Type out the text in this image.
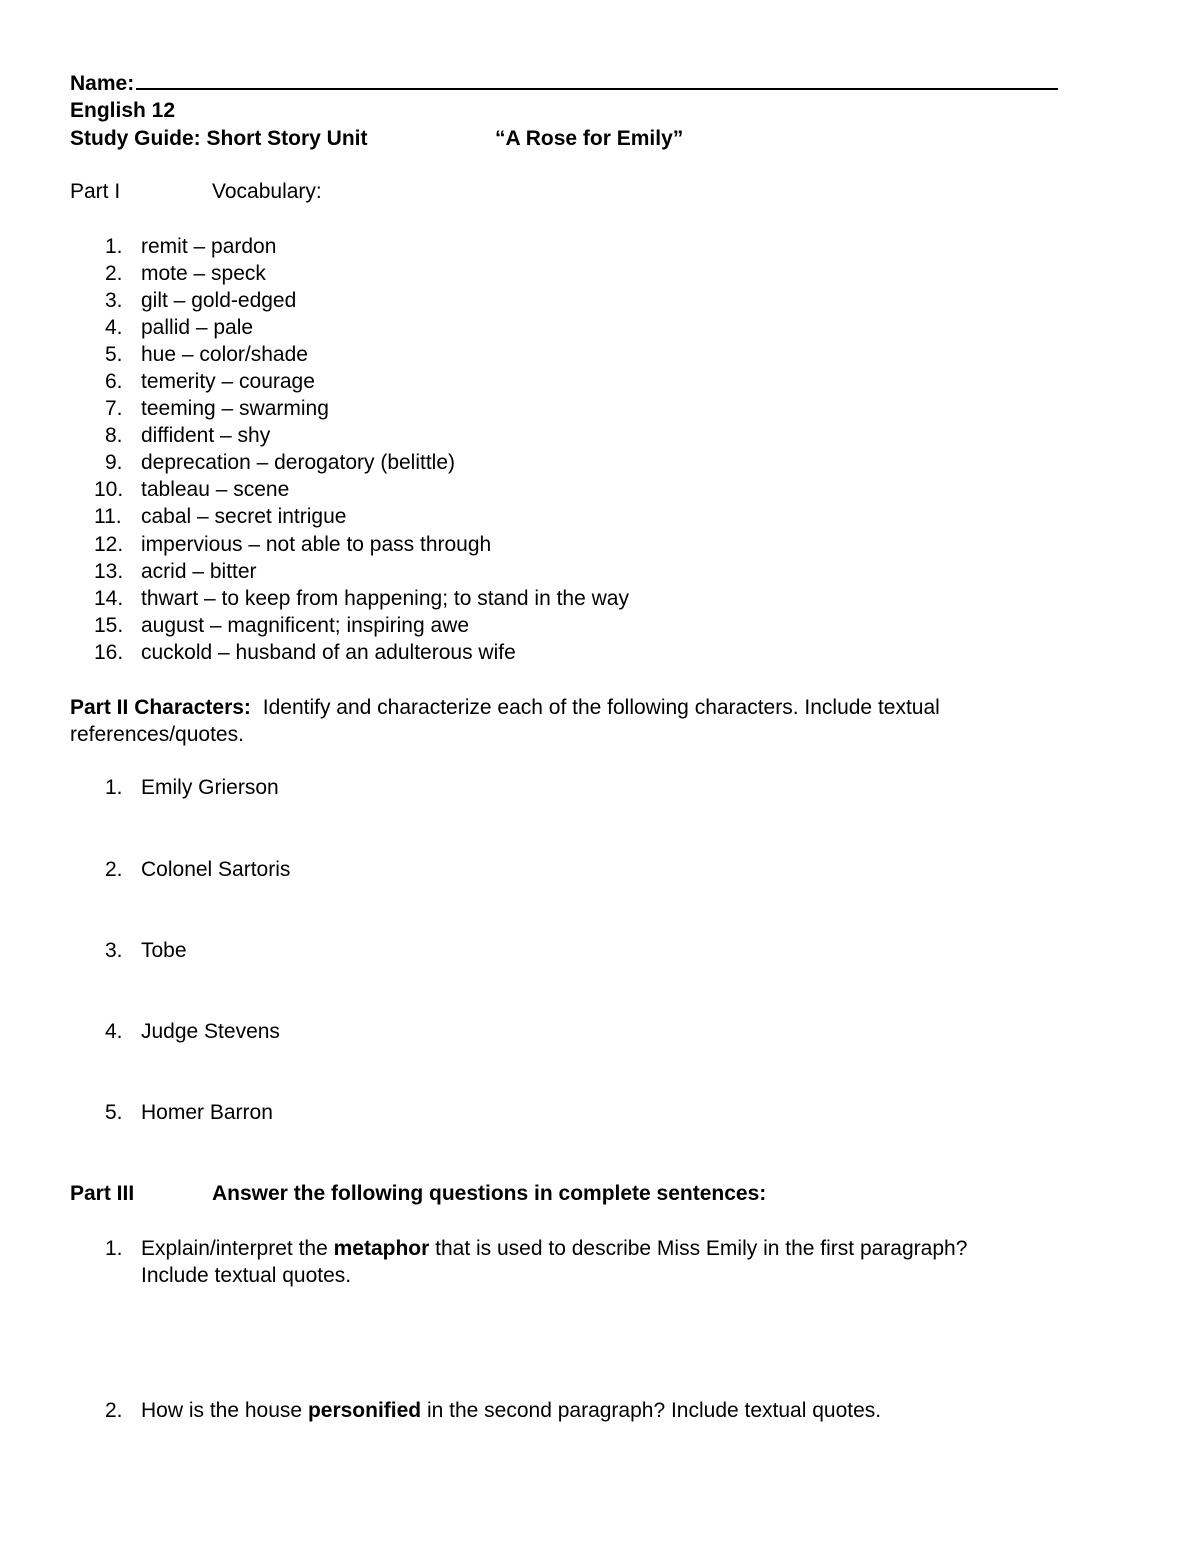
Name:
English 12
Study Guide: Short Story Unit	“A Rose for Emily”
Part I	Vocabulary:
1. remit – pardon
2. mote – speck
3. gilt – gold-edged
4. pallid – pale
5. hue – color/shade
6. temerity – courage
7. teeming – swarming
8. diffident – shy
9. deprecation – derogatory (belittle)
10. tableau – scene
11. cabal – secret intrigue
12. impervious – not able to pass through
13. acrid – bitter
14. thwart – to keep from happening; to stand in the way
15. august – magnificent; inspiring awe
16. cuckold – husband of an adulterous wife
Part II Characters: Identify and characterize each of the following characters. Include textual
references/quotes.
1. Emily Grierson
2. Colonel Sartoris
3. Tobe
4. Judge Stevens
5. Homer Barron
Part III	Answer the following questions in complete sentences:
1. Explain/interpret the metaphor that is used to describe Miss Emily in the first paragraph?
Include textual quotes.
2. How is the house personified in the second paragraph? Include textual quotes.
